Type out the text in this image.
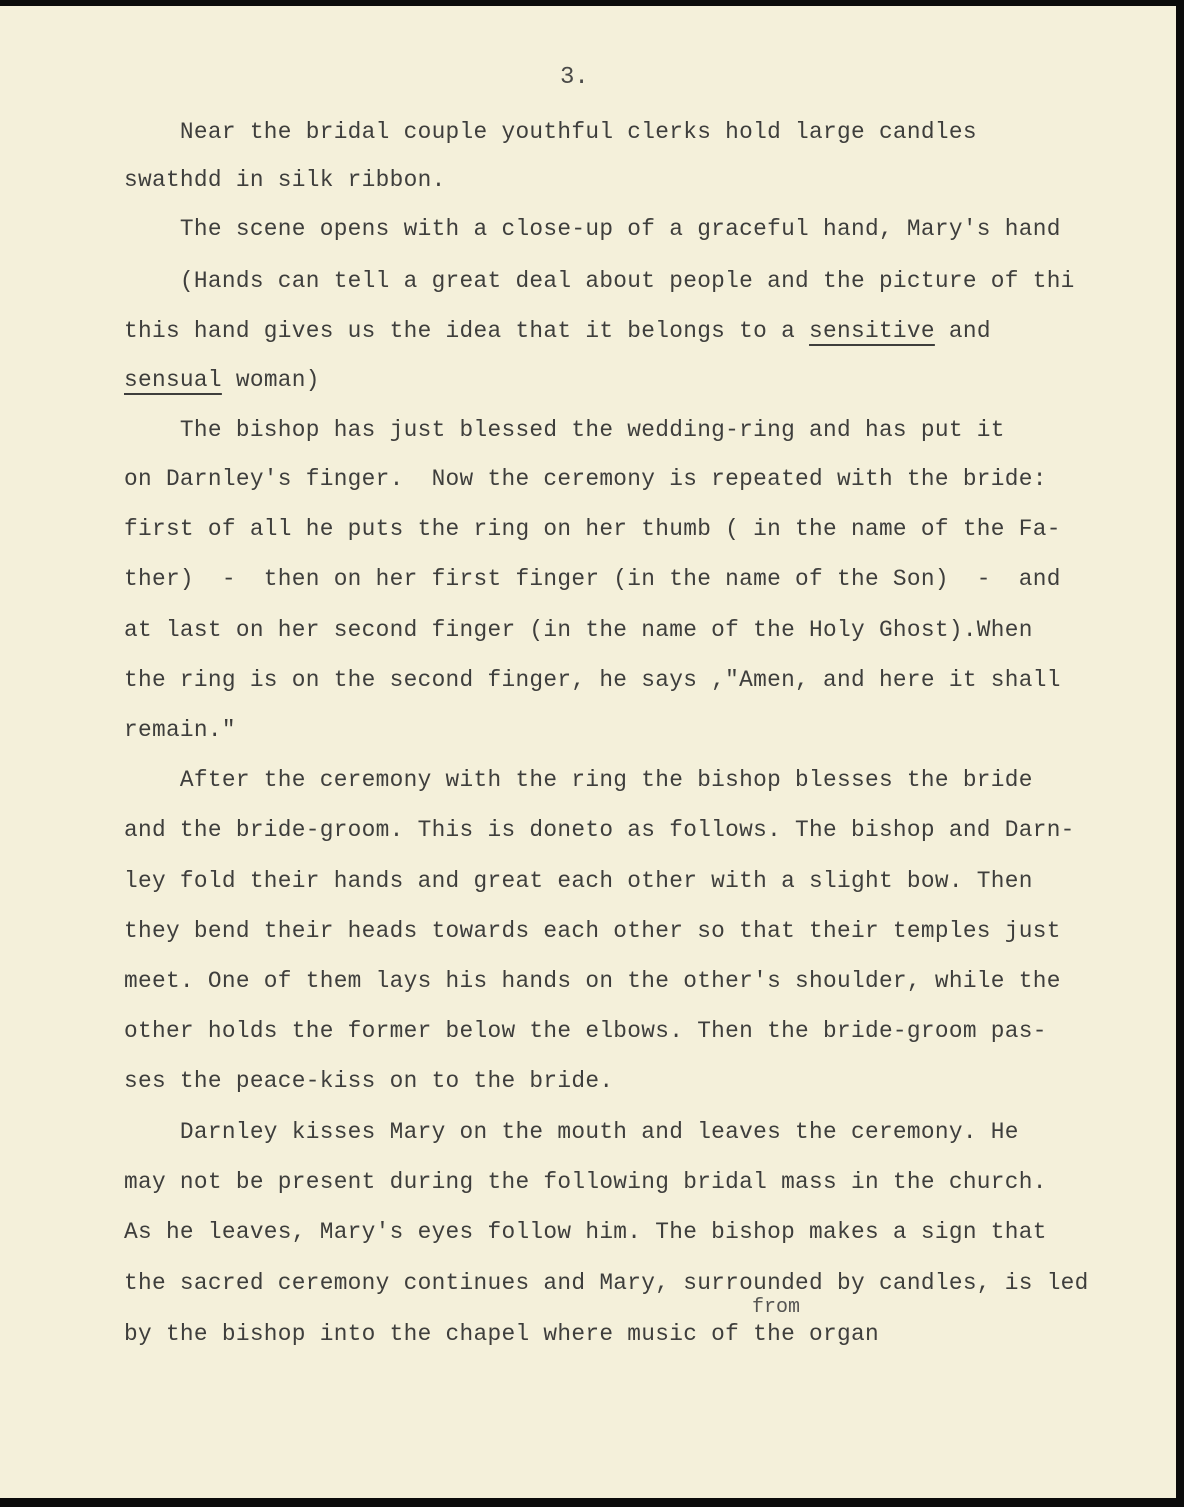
3.
Near the bridal couple youthful clerks hold large candles
swathdd in silk ribbon.
The scene opens with a close-up of a graceful hand, Mary's hand
(Hands can tell a great deal about people and the picture of thi
this hand gives us the idea that it belongs to a sensitive and
sensual woman)
The bishop has just blessed the wedding-ring and has put it
on Darnley's finger.  Now the ceremony is repeated with the bride:
first of all he puts the ring on her thumb ( in the name of the Fa-
ther)  -  then on her first finger (in the name of the Son)  -  and
at last on her second finger (in the name of the Holy Ghost).When
the ring is on the second finger, he says ,"Amen, and here it shall
remain."
After the ceremony with the ring the bishop blesses the bride
and the bride-groom. This is doneto as follows. The bishop and Darn-
ley fold their hands and great each other with a slight bow. Then
they bend their heads towards each other so that their temples just
meet. One of them lays his hands on the other's shoulder, while the
other holds the former below the elbows. Then the bride-groom pas-
ses the peace-kiss on to the bride.
Darnley kisses Mary on the mouth and leaves the ceremony. He
may not be present during the following bridal mass in the church.
As he leaves, Mary's eyes follow him. The bishop makes a sign that
the sacred ceremony continues and Mary, surrounded by candles, is led
from
by the bishop into the chapel where music of the organ
